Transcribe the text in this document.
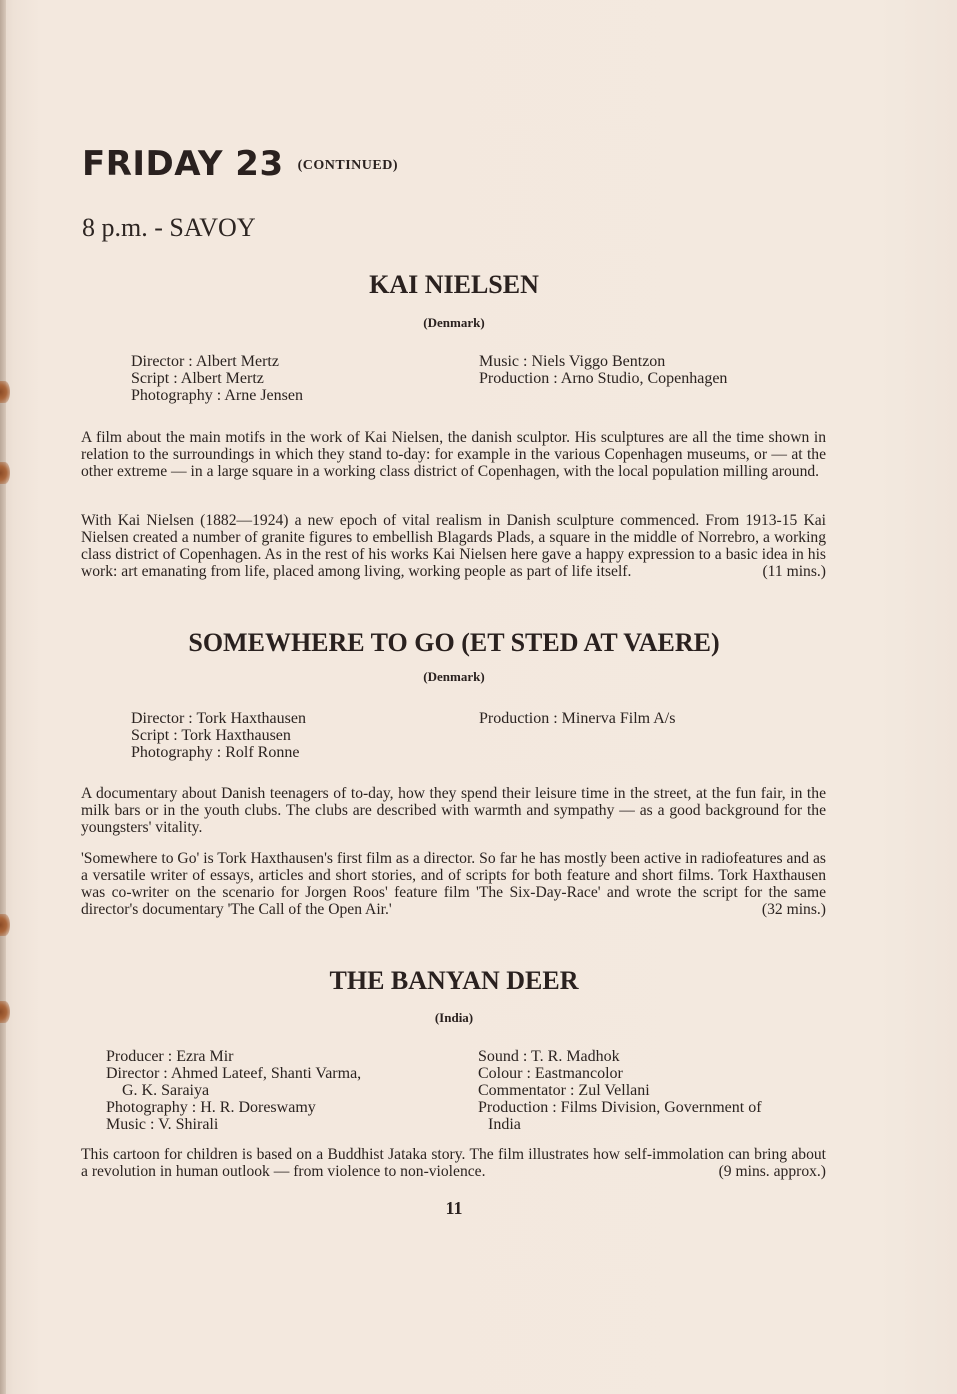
FRIDAY 23 (CONTINUED)
8 p.m. - SAVOY
KAI NIELSEN
(Denmark)
Director : Albert Mertz
Script : Albert Mertz
Photography : Arne Jensen
Music : Niels Viggo Bentzon
Production : Arno Studio, Copenhagen

A film about the main motifs in the work of Kai Nielsen, the danish sculptor. His sculptures are all the time shown in relation to the surroundings in which they stand to-day: for example in the various Copenhagen museums, or — at the other extreme — in a large square in a working class district of Copenhagen, with the local population milling around.

With Kai Nielsen (1882—1924) a new epoch of vital realism in Danish sculpture commenced. From 1913-15 Kai Nielsen created a number of granite figures to embellish Blagards Plads, a square in the middle of Norrebro, a working class district of Copenhagen. As in the rest of his works Kai Nielsen here gave a happy expression to a basic idea in his work: art emanating from life, placed among living, working people as part of life itself.	(11 mins.)

SOMEWHERE TO GO (ET STED AT VAERE)
(Denmark)
Director : Tork Haxthausen
Script : Tork Haxthausen
Photography : Rolf Ronne
Production : Minerva Film A/s

A documentary about Danish teenagers of to-day, how they spend their leisure time in the street, at the fun fair, in the milk bars or in the youth clubs. The clubs are described with warmth and sympathy — as a good background for the youngsters' vitality.

'Somewhere to Go' is Tork Haxthausen's first film as a director. So far he has mostly been active in radiofeatures and as a versatile writer of essays, articles and short stories, and of scripts for both feature and short films. Tork Haxthausen was co-writer on the scenario for Jorgen Roos' feature film 'The Six-Day-Race' and wrote the script for the same director's documentary 'The Call of the Open Air.'	(32 mins.)

THE BANYAN DEER
(India)
Producer : Ezra Mir
Director : Ahmed Lateef, Shanti Varma,
G. K. Saraiya
Photography : H. R. Doreswamy
Music : V. Shirali
Sound : T. R. Madhok
Colour : Eastmancolor
Commentator : Zul Vellani
Production : Films Division, Government of
India

This cartoon for children is based on a Buddhist Jataka story. The film illustrates how self-immolation can bring about a revolution in human outlook — from violence to non-violence.	(9 mins. approx.)

11
